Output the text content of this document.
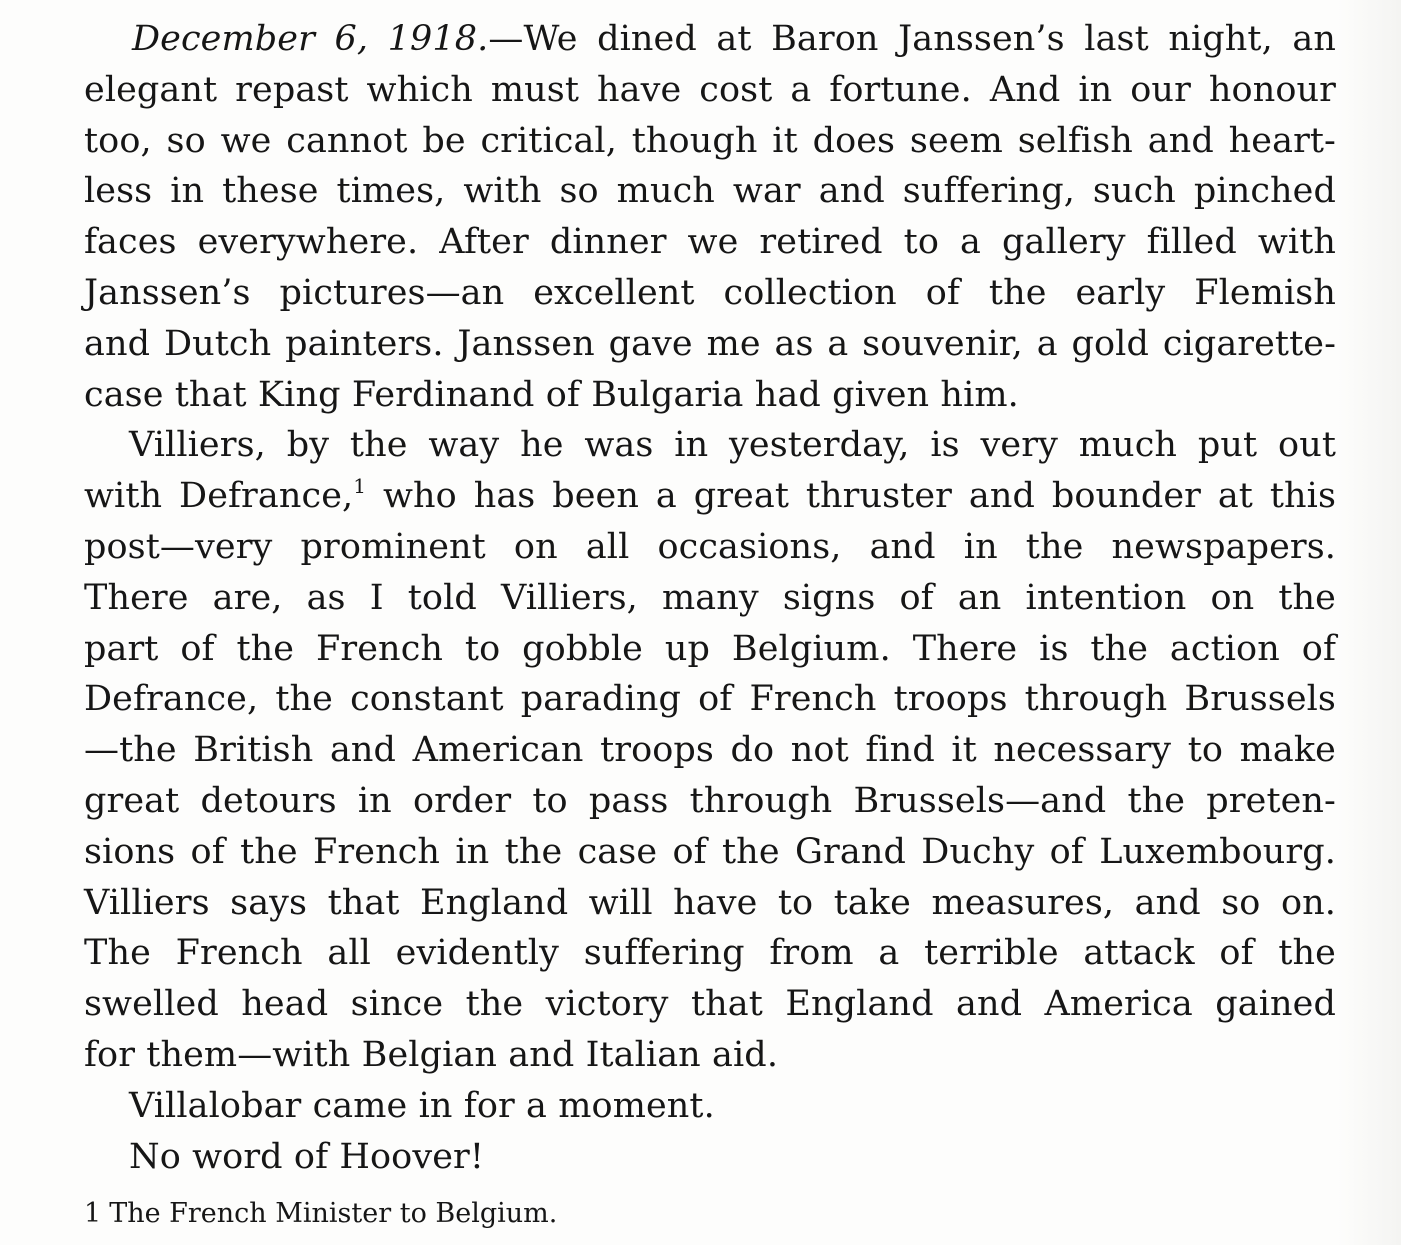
December 6, 1918.—We dined at Baron Janssen’s last night, an
elegant repast which must have cost a fortune. And in our honour
too, so we cannot be critical, though it does seem selfish and heart-
less in these times, with so much war and suffering, such pinched
faces everywhere. After dinner we retired to a gallery filled with
Janssen’s pictures—an excellent collection of the early Flemish
and Dutch painters. Janssen gave me as a souvenir, a gold cigarette-
case that King Ferdinand of Bulgaria had given him.
Villiers, by the way he was in yesterday, is very much put out
with Defrance,$^1$ who has been a great thruster and bounder at this
post—very prominent on all occasions, and in the newspapers.
There are, as I told Villiers, many signs of an intention on the
part of the French to gobble up Belgium. There is the action of
Defrance, the constant parading of French troops through Brussels
—the British and American troops do not find it necessary to make
great detours in order to pass through Brussels—and the preten-
sions of the French in the case of the Grand Duchy of Luxembourg.
Villiers says that England will have to take measures, and so on.
The French all evidently suffering from a terrible attack of the
swelled head since the victory that England and America gained
for them—with Belgian and Italian aid.
Villalobar came in for a moment.
No word of Hoover!
1 The French Minister to Belgium.
